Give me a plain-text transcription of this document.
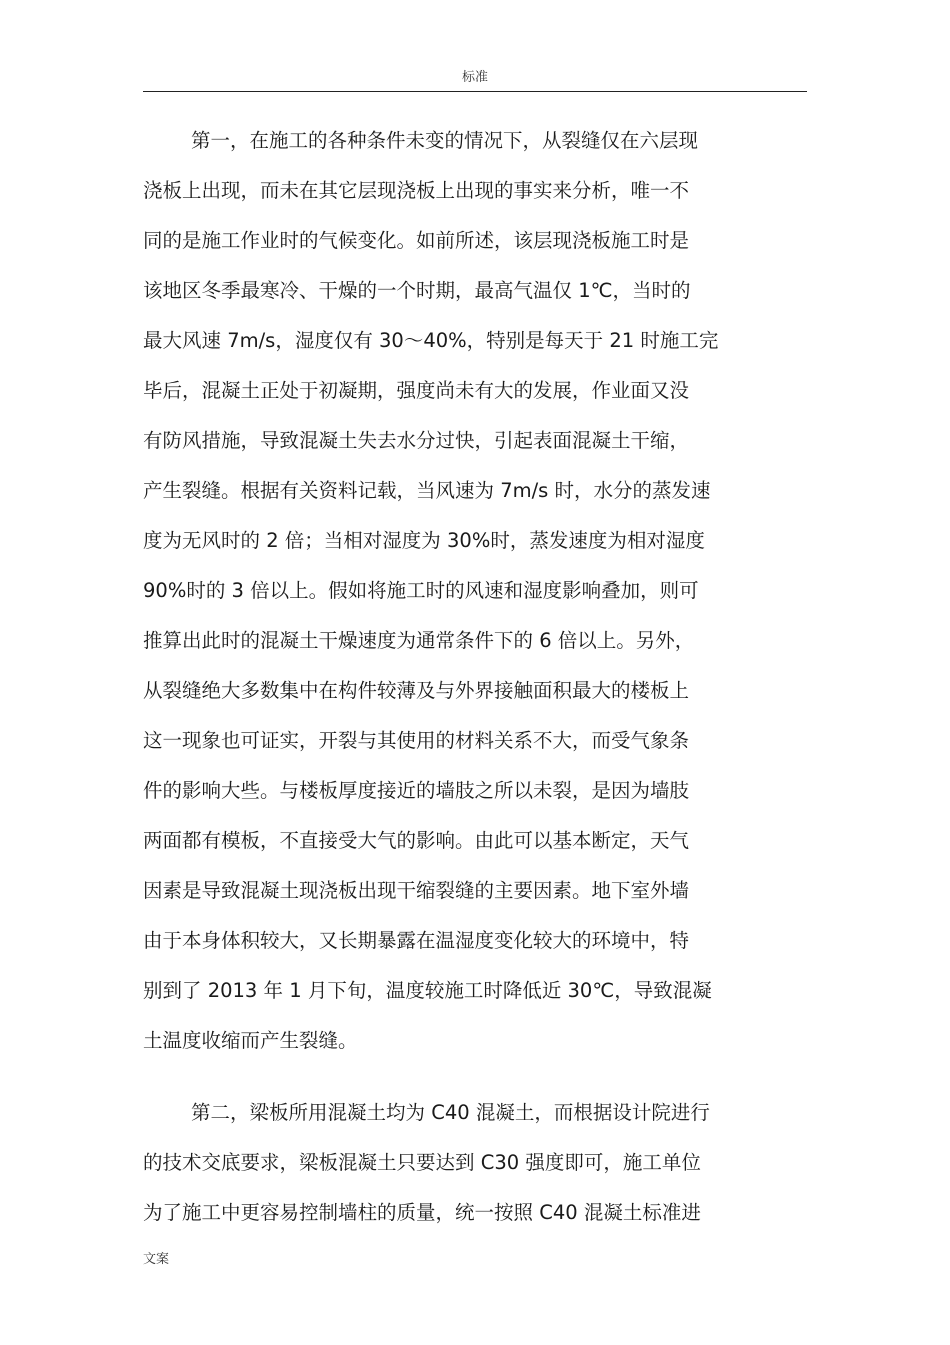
标准
第一，在施工的各种条件未变的情况下，从裂缝仅在六层现
浇板上出现，而未在其它层现浇板上出现的事实来分析，唯一不
同的是施工作业时的气候变化。如前所述，该层现浇板施工时是
该地区冬季最寒冷、干燥的一个时期，最高气温仅 1℃，当时的
最大风速 7m/s，湿度仅有 30～40%，特别是每天于 21 时施工完
毕后，混凝土正处于初凝期，强度尚未有大的发展，作业面又没
有防风措施，导致混凝土失去水分过快，引起表面混凝土干缩，
产生裂缝。根据有关资料记载，当风速为 7m/s 时，水分的蒸发速
度为无风时的 2 倍；当相对湿度为 30%时，蒸发速度为相对湿度
90%时的 3 倍以上。假如将施工时的风速和湿度影响叠加，则可
推算出此时的混凝土干燥速度为通常条件下的 6 倍以上。另外，
从裂缝绝大多数集中在构件较薄及与外界接触面积最大的楼板上
这一现象也可证实，开裂与其使用的材料关系不大，而受气象条
件的影响大些。与楼板厚度接近的墙肢之所以未裂，是因为墙肢
两面都有模板，不直接受大气的影响。由此可以基本断定，天气
因素是导致混凝土现浇板出现干缩裂缝的主要因素。地下室外墙
由于本身体积较大，又长期暴露在温湿度变化较大的环境中，特
别到了 2013 年 1 月下旬，温度较施工时降低近 30℃，导致混凝
土温度收缩而产生裂缝。
第二，梁板所用混凝土均为 C40 混凝土，而根据设计院进行
的技术交底要求，梁板混凝土只要达到 C30 强度即可，施工单位
为了施工中更容易控制墙柱的质量，统一按照 C40 混凝土标准进
文案
